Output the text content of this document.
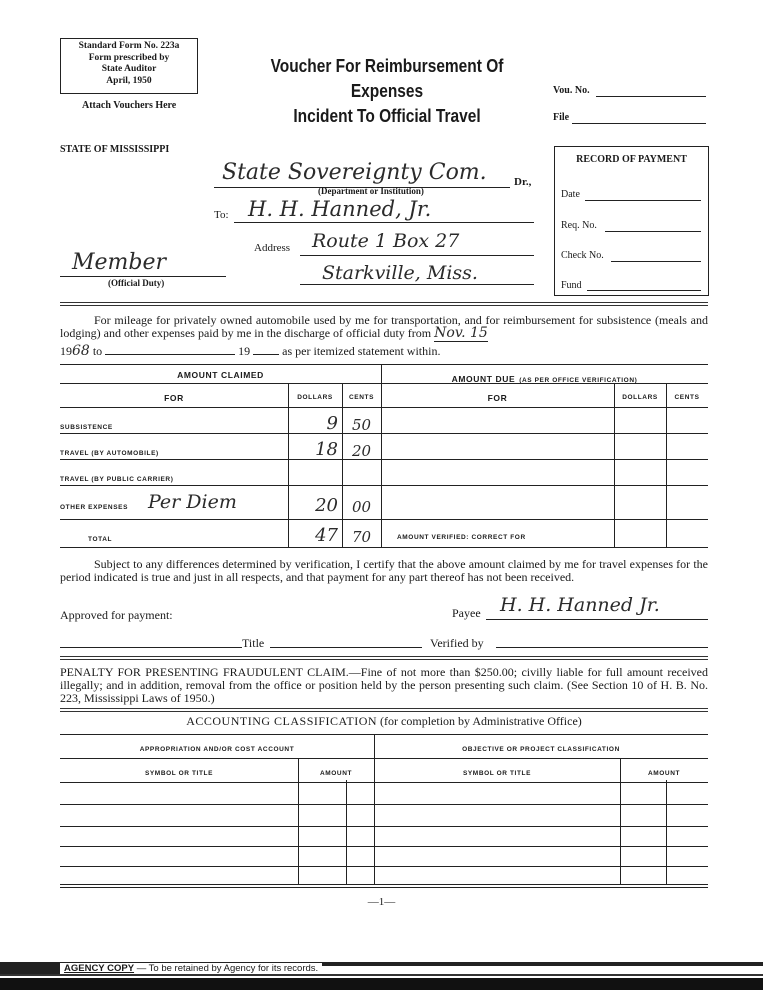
Standard Form No. 223a
Form prescribed by
State Auditor
April, 1950
Attach Vouchers Here
Voucher For Reimbursement Of Expenses
Incident To Official Travel
Vou. No.
File
STATE OF MISSISSIPPI
State Sovereignty Com. Dr.,
(Department or Institution)
To: H. H. Hanned, Jr.
Address Route 1 Box 27
Starkville, Miss.
Member
(Official Duty)
RECORD OF PAYMENT
Date
Req. No.
Check No.
Fund
For mileage for privately owned automobile used by me for transportation, and for reimbursement for subsistence (meals and lodging) and other expenses paid by me in the discharge of official duty from Nov. 15
1968 to	19	as per itemized statement within.
AMOUNT CLAIMED	AMOUNT DUE (AS PER OFFICE VERIFICATION)
FOR	DOLLARS	CENTS	FOR	DOLLARS	CENTS
SUBSISTENCE	9 50
TRAVEL (BY AUTOMOBILE)	18 20
TRAVEL (BY PUBLIC CARRIER)
OTHER EXPENSES Per Diem	20 00
TOTAL	47 70	AMOUNT VERIFIED: CORRECT FOR
Subject to any differences determined by verification, I certify that the above amount claimed by me for travel expenses for the period indicated is true and just in all respects, and that payment for any part thereof has not been received.
Approved for payment:	Payee H. H. Hanned Jr.
Title	Verified by
PENALTY FOR PRESENTING FRAUDULENT CLAIM.—Fine of not more than $250.00; civilly liable for full amount received illegally; and in addition, removal from the office or position held by the person presenting such claim. (See Section 10 of H. B. No. 223, Mississippi Laws of 1950.)
ACCOUNTING CLASSIFICATION (for completion by Administrative Office)
APPROPRIATION AND/OR COST ACCOUNT	OBJECTIVE OR PROJECT CLASSIFICATION
SYMBOL OR TITLE	AMOUNT	SYMBOL OR TITLE	AMOUNT
—1—
AGENCY COPY — To be retained by Agency for its records.
